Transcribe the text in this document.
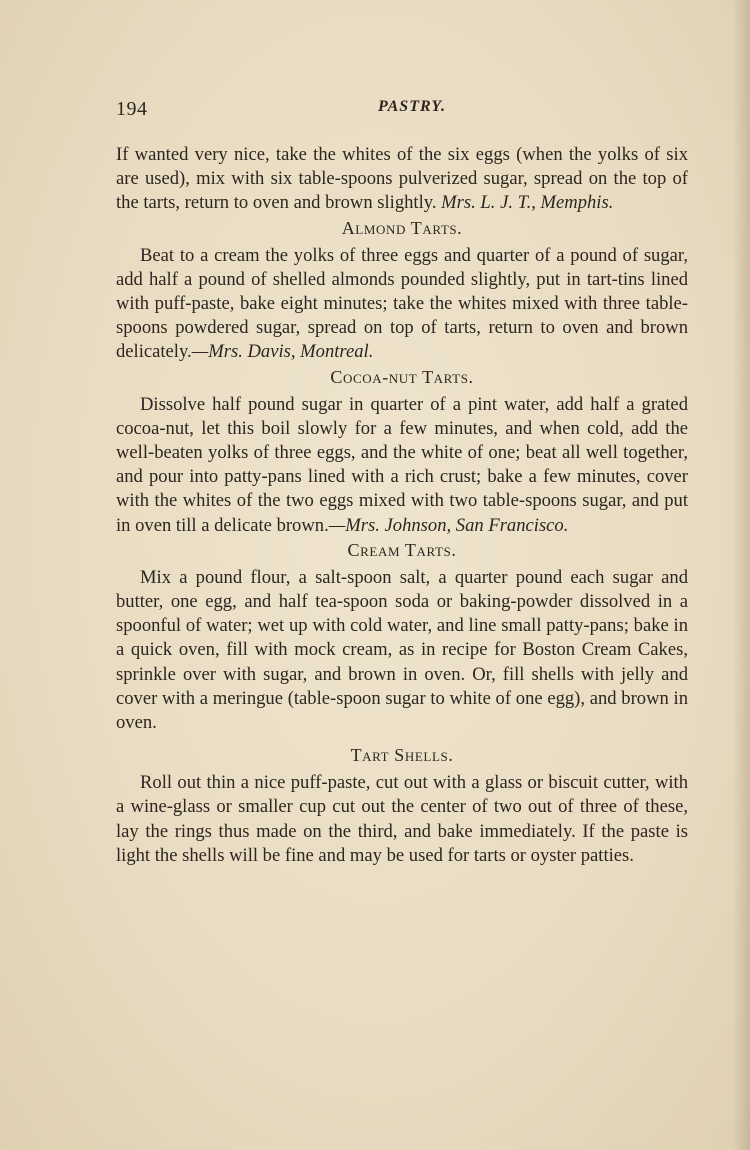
194	PASTRY.

If wanted very nice, take the whites of the six eggs (when the yolks of six are used), mix with six table-spoons pulverized sugar, spread on the top of the tarts, return to oven and brown slightly. Mrs. L. J. T., Memphis.

Almond Tarts.

Beat to a cream the yolks of three eggs and quarter of a pound of sugar, add half a pound of shelled almonds pounded slightly, put in tart-tins lined with puff-paste, bake eight minutes; take the whites mixed with three table-spoons powdered sugar, spread on top of tarts, return to oven and brown delicately.—Mrs. Davis, Montreal.

Cocoa-nut Tarts.

Dissolve half pound sugar in quarter of a pint water, add half a grated cocoa-nut, let this boil slowly for a few minutes, and when cold, add the well-beaten yolks of three eggs, and the white of one; beat all well together, and pour into patty-pans lined with a rich crust; bake a few minutes, cover with the whites of the two eggs mixed with two table-spoons sugar, and put in oven till a delicate brown.—Mrs. Johnson, San Francisco.

Cream Tarts.

Mix a pound flour, a salt-spoon salt, a quarter pound each sugar and butter, one egg, and half tea-spoon soda or baking-powder dissolved in a spoonful of water; wet up with cold water, and line small patty-pans; bake in a quick oven, fill with mock cream, as in recipe for Boston Cream Cakes, sprinkle over with sugar, and brown in oven. Or, fill shells with jelly and cover with a meringue (table-spoon sugar to white of one egg), and brown in oven.

Tart Shells.

Roll out thin a nice puff-paste, cut out with a glass or biscuit cutter, with a wine-glass or smaller cup cut out the center of two out of three of these, lay the rings thus made on the third, and bake immediately. If the paste is light the shells will be fine and may be used for tarts or oyster patties.
